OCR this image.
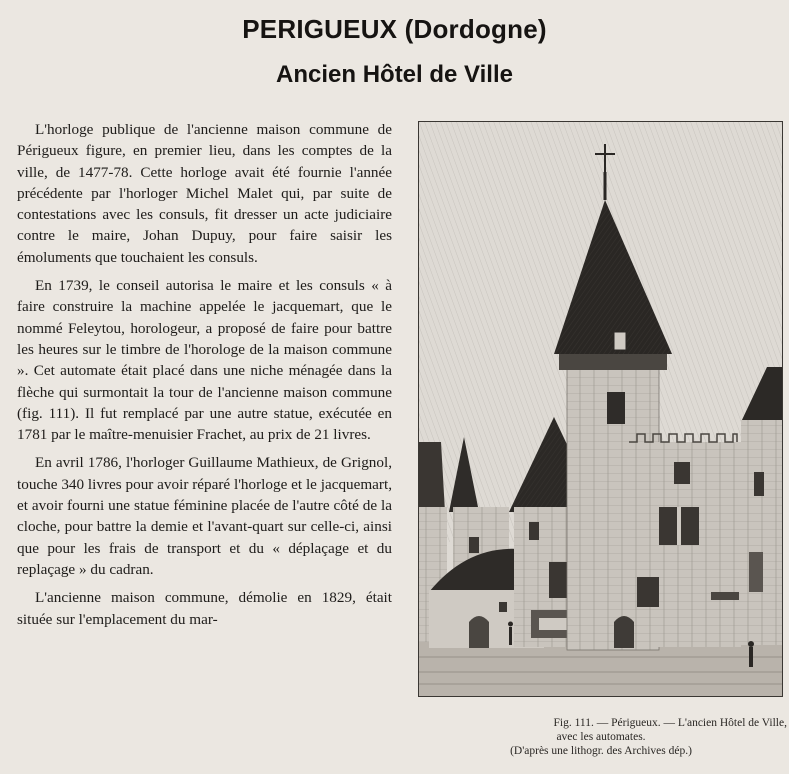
PERIGUEUX (Dordogne)
Ancien Hôtel de Ville

L'horloge publique de l'ancienne maison commune de Périgueux figure, en premier lieu, dans les comptes de la ville, de 1477-78. Cette horloge avait été fournie l'année précédente par l'horloger Michel Malet qui, par suite de contestations avec les consuls, fit dresser un acte judiciaire contre le maire, Johan Dupuy, pour faire saisir les émoluments que touchaient les consuls.

En 1739, le conseil autorisa le maire et les consuls « à faire construire la machine appelée le jacquemart, que le nommé Feleytou, horologeur, a proposé de faire pour battre les heures sur le timbre de l'horologe de la maison commune ». Cet automate était placé dans une niche ménagée dans la flèche qui surmontait la tour de l'ancienne maison commune (fig. 111). Il fut remplacé par une autre statue, exécutée en 1781 par le maître-menuisier Frachet, au prix de 21 livres.

En avril 1786, l'horloger Guillaume Mathieux, de Grignol, touche 340 livres pour avoir réparé l'horloge et le jacquemart, et avoir fourni une statue féminine placée de l'autre côté de la cloche, pour battre la demie et l'avant-quart sur celle-ci, ainsi que pour les frais de transport et du « déplaçage et du replaçage » du cadran.

L'ancienne maison commune, démolie en 1829, était située sur l'emplacement du mar-

Fig. 111. — Périgueux. — L'ancien Hôtel de Ville,
avec les automates.
(D'après une lithogr. des Archives dép.)
